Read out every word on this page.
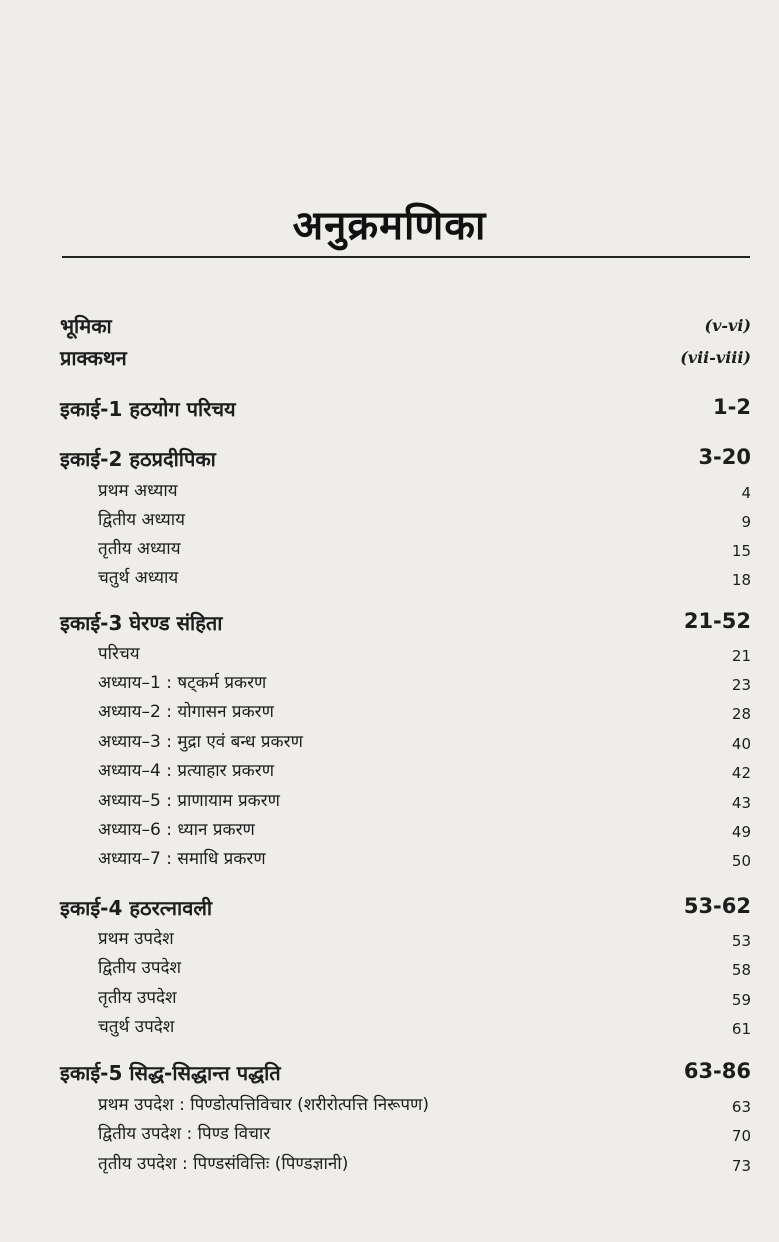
अनुक्रमणिका
भूमिका	(v-vi)
प्राक्कथन	(vii-viii)
इकाई-1 हठयोग परिचय	1-2
इकाई-2 हठप्रदीपिका	3-20
प्रथम अध्याय	4
द्वितीय अध्याय	9
तृतीय अध्याय	15
चतुर्थ अध्याय	18
इकाई-3 घेरण्ड संहिता	21-52
परिचय	21
अध्याय–1 : षट्कर्म प्रकरण	23
अध्याय–2 : योगासन प्रकरण	28
अध्याय–3 : मुद्रा एवं बन्ध प्रकरण	40
अध्याय–4 : प्रत्याहार प्रकरण	42
अध्याय–5 : प्राणायाम प्रकरण	43
अध्याय–6 : ध्यान प्रकरण	49
अध्याय–7 : समाधि प्रकरण	50
इकाई-4 हठरत्नावली	53-62
प्रथम उपदेश	53
द्वितीय उपदेश	58
तृतीय उपदेश	59
चतुर्थ उपदेश	61
इकाई-5 सिद्ध-सिद्धान्त पद्धति	63-86
प्रथम उपदेश : पिण्डोत्पत्तिविचार (शरीरोत्पत्ति निरूपण)	63
द्वितीय उपदेश : पिण्ड विचार	70
तृतीय उपदेश : पिण्डसंवित्तिः (पिण्डज्ञानी)	73
